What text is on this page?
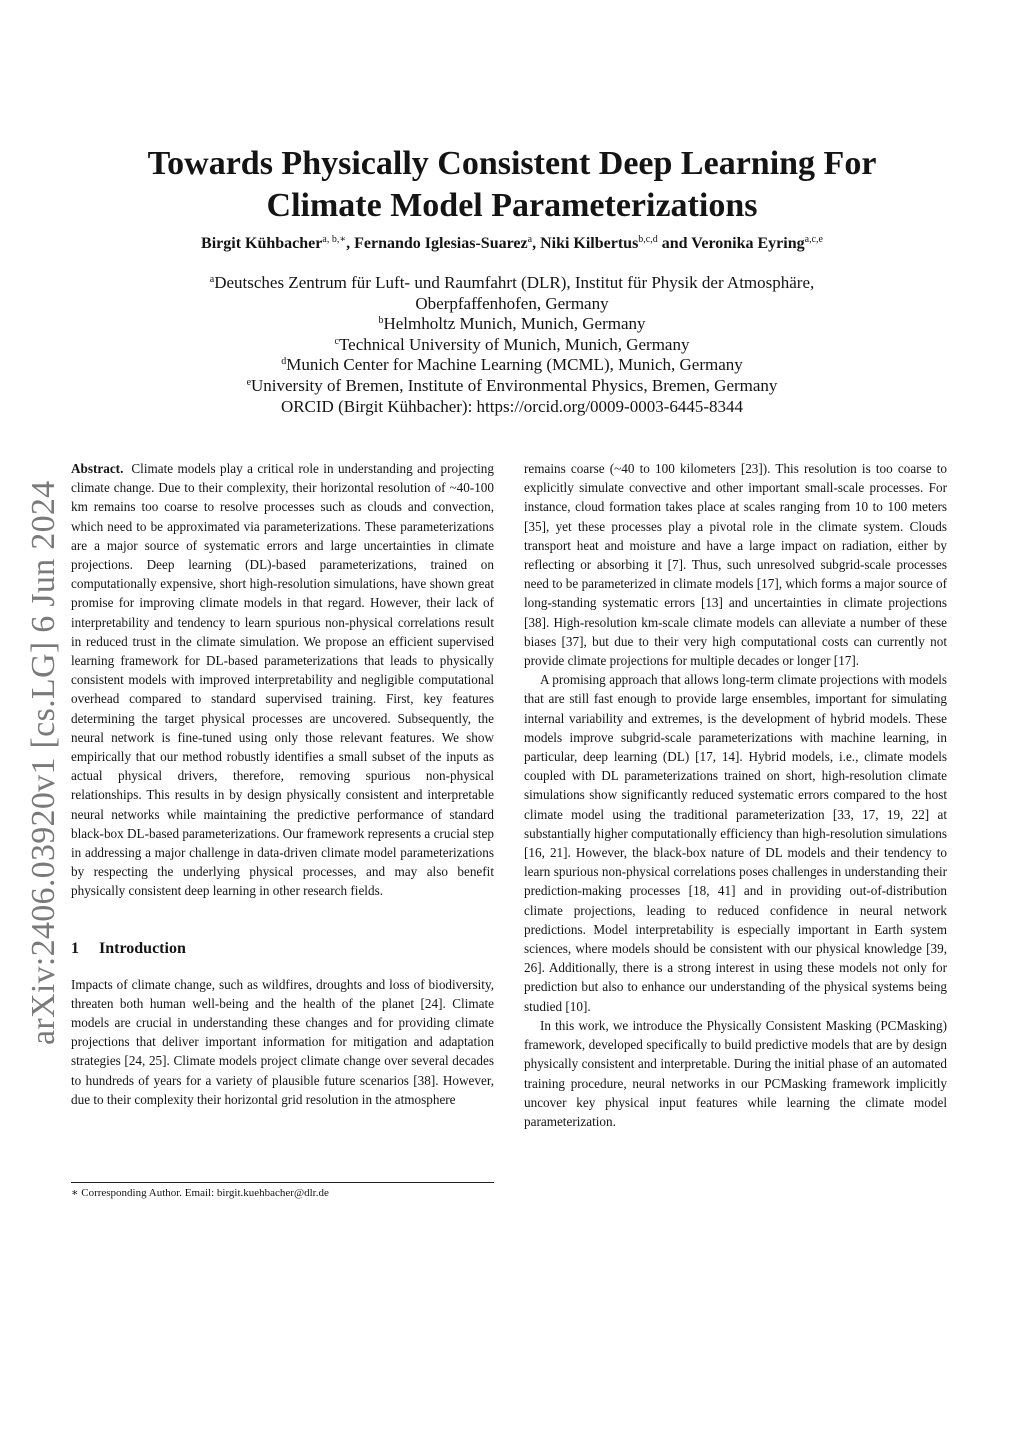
arXiv:2406.03920v1 [cs.LG] 6 Jun 2024
Towards Physically Consistent Deep Learning For
Climate Model Parameterizations
Birgit Kühbacher$^{a, b,∗}$, Fernando Iglesias-Suarez$^a$, Niki Kilbertus$^{b,c,d}$ and Veronika Eyring$^{a,c,e}$
$^a$Deutsches Zentrum für Luft- und Raumfahrt (DLR), Institut für Physik der Atmosphäre,
Oberpfaffenhofen, Germany
$^b$Helmholtz Munich, Munich, Germany
$^c$Technical University of Munich, Munich, Germany
$^d$Munich Center for Machine Learning (MCML), Munich, Germany
$^e$University of Bremen, Institute of Environmental Physics, Bremen, Germany
ORCID (Birgit Kühbacher): https://orcid.org/0009-0003-6445-8344

Abstract. Climate models play a critical role in understanding and projecting climate change. Due to their complexity, their horizontal resolution of ~40-100 km remains too coarse to resolve processes such as clouds and convection, which need to be approximated via parameterizations. These parameterizations are a major source of systematic errors and large uncertainties in climate projections. Deep learning (DL)-based parameterizations, trained on computationally expensive, short high-resolution simulations, have shown great promise for improving climate models in that regard. However, their lack of interpretability and tendency to learn spurious non-physical correlations result in reduced trust in the climate simulation. We propose an efficient supervised learning framework for DL-based parameterizations that leads to physically consistent models with improved interpretability and negligible computational overhead compared to standard supervised training. First, key features determining the target physical processes are uncovered. Subsequently, the neural network is fine-tuned using only those relevant features. We show empirically that our method robustly identifies a small subset of the inputs as actual physical drivers, therefore, removing spurious non-physical relationships. This results in by design physically consistent and interpretable neural networks while maintaining the predictive performance of standard black-box DL-based parameterizations. Our framework represents a crucial step in addressing a major challenge in data-driven climate model parameterizations by respecting the underlying physical processes, and may also benefit physically consistent deep learning in other research fields.

1 Introduction

Impacts of climate change, such as wildfires, droughts and loss of biodiversity, threaten both human well-being and the health of the planet [24]. Climate models are crucial in understanding these changes and for providing climate projections that deliver important information for mitigation and adaptation strategies [24, 25]. Climate models project climate change over several decades to hundreds of years for a variety of plausible future scenarios [38]. However, due to their complexity their horizontal grid resolution in the atmosphere

∗ Corresponding Author. Email: birgit.kuehbacher@dlr.de

remains coarse (~40 to 100 kilometers [23]). This resolution is too coarse to explicitly simulate convective and other important small-scale processes. For instance, cloud formation takes place at scales ranging from 10 to 100 meters [35], yet these processes play a pivotal role in the climate system. Clouds transport heat and moisture and have a large impact on radiation, either by reflecting or absorbing it [7]. Thus, such unresolved subgrid-scale processes need to be parameterized in climate models [17], which forms a major source of long-standing systematic errors [13] and uncertainties in climate projections [38]. High-resolution km-scale climate models can alleviate a number of these biases [37], but due to their very high computational costs can currently not provide climate projections for multiple decades or longer [17].

A promising approach that allows long-term climate projections with models that are still fast enough to provide large ensembles, important for simulating internal variability and extremes, is the development of hybrid models. These models improve subgrid-scale parameterizations with machine learning, in particular, deep learning (DL) [17, 14]. Hybrid models, i.e., climate models coupled with DL parameterizations trained on short, high-resolution climate simulations show significantly reduced systematic errors compared to the host climate model using the traditional parameterization [33, 17, 19, 22] at substantially higher computationally efficiency than high-resolution simulations [16, 21]. However, the black-box nature of DL models and their tendency to learn spurious non-physical correlations poses challenges in understanding their prediction-making processes [18, 41] and in providing out-of-distribution climate projections, leading to reduced confidence in neural network predictions. Model interpretability is especially important in Earth system sciences, where models should be consistent with our physical knowledge [39, 26]. Additionally, there is a strong interest in using these models not only for prediction but also to enhance our understanding of the physical systems being studied [10].

In this work, we introduce the Physically Consistent Masking (PCMasking) framework, developed specifically to build predictive models that are by design physically consistent and interpretable. During the initial phase of an automated training procedure, neural networks in our PCMasking framework implicitly uncover key physical input features while learning the climate model parameterization.
